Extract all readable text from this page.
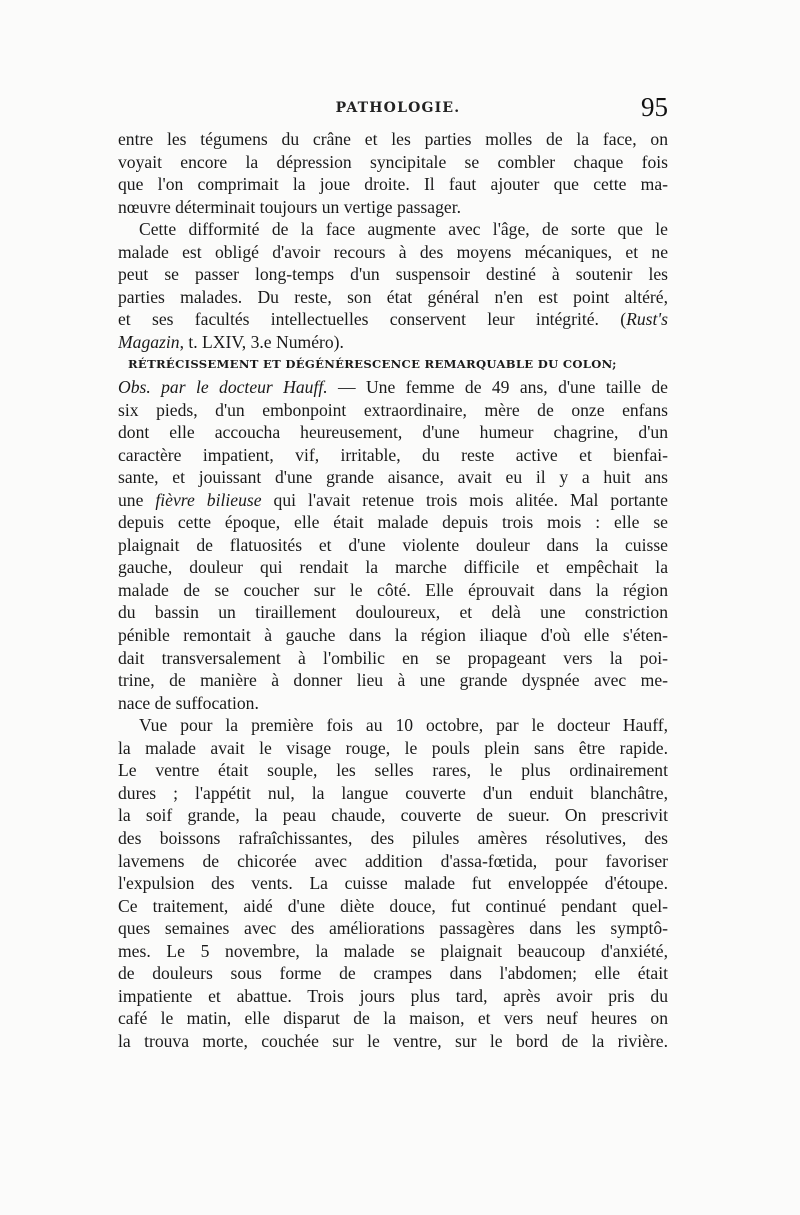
PATHOLOGIE.	95
entre les tégumens du crâne et les parties molles de la face, on
voyait encore la dépression syncipitale se combler chaque fois
que l'on comprimait la joue droite. Il faut ajouter que cette ma-
nœuvre déterminait toujours un vertige passager.
Cette difformité de la face augmente avec l'âge, de sorte que le
malade est obligé d'avoir recours à des moyens mécaniques, et ne
peut se passer long-temps d'un suspensoir destiné à soutenir les
parties malades. Du reste, son état général n'en est point altéré,
et ses facultés intellectuelles conservent leur intégrité. (Rust's
Magazin, t. LXIV, 3.e Numéro).
RÉTRÉCISSEMENT ET DÉGÉNÉRESCENCE REMARQUABLE DU COLON;
Obs. par le docteur Hauff. — Une femme de 49 ans, d'une taille de
six pieds, d'un embonpoint extraordinaire, mère de onze enfans
dont elle accoucha heureusement, d'une humeur chagrine, d'un
caractère impatient, vif, irritable, du reste active et bienfai-
sante, et jouissant d'une grande aisance, avait eu il y a huit ans
une fièvre bilieuse qui l'avait retenue trois mois alitée. Mal portante
depuis cette époque, elle était malade depuis trois mois : elle se
plaignait de flatuosités et d'une violente douleur dans la cuisse
gauche, douleur qui rendait la marche difficile et empêchait la
malade de se coucher sur le côté. Elle éprouvait dans la région
du bassin un tiraillement douloureux, et delà une constriction
pénible remontait à gauche dans la région iliaque d'où elle s'éten-
dait transversalement à l'ombilic en se propageant vers la poi-
trine, de manière à donner lieu à une grande dyspnée avec me-
nace de suffocation.
Vue pour la première fois au 10 octobre, par le docteur Hauff,
la malade avait le visage rouge, le pouls plein sans être rapide.
Le ventre était souple, les selles rares, le plus ordinairement
dures ; l'appétit nul, la langue couverte d'un enduit blanchâtre,
la soif grande, la peau chaude, couverte de sueur. On prescrivit
des boissons rafraîchissantes, des pilules amères résolutives, des
lavemens de chicorée avec addition d'assa-fœtida, pour favoriser
l'expulsion des vents. La cuisse malade fut enveloppée d'étoupe.
Ce traitement, aidé d'une diète douce, fut continué pendant quel-
ques semaines avec des améliorations passagères dans les symptô-
mes. Le 5 novembre, la malade se plaignait beaucoup d'anxiété,
de douleurs sous forme de crampes dans l'abdomen; elle était
impatiente et abattue. Trois jours plus tard, après avoir pris du
café le matin, elle disparut de la maison, et vers neuf heures on
la trouva morte, couchée sur le ventre, sur le bord de la rivière.
